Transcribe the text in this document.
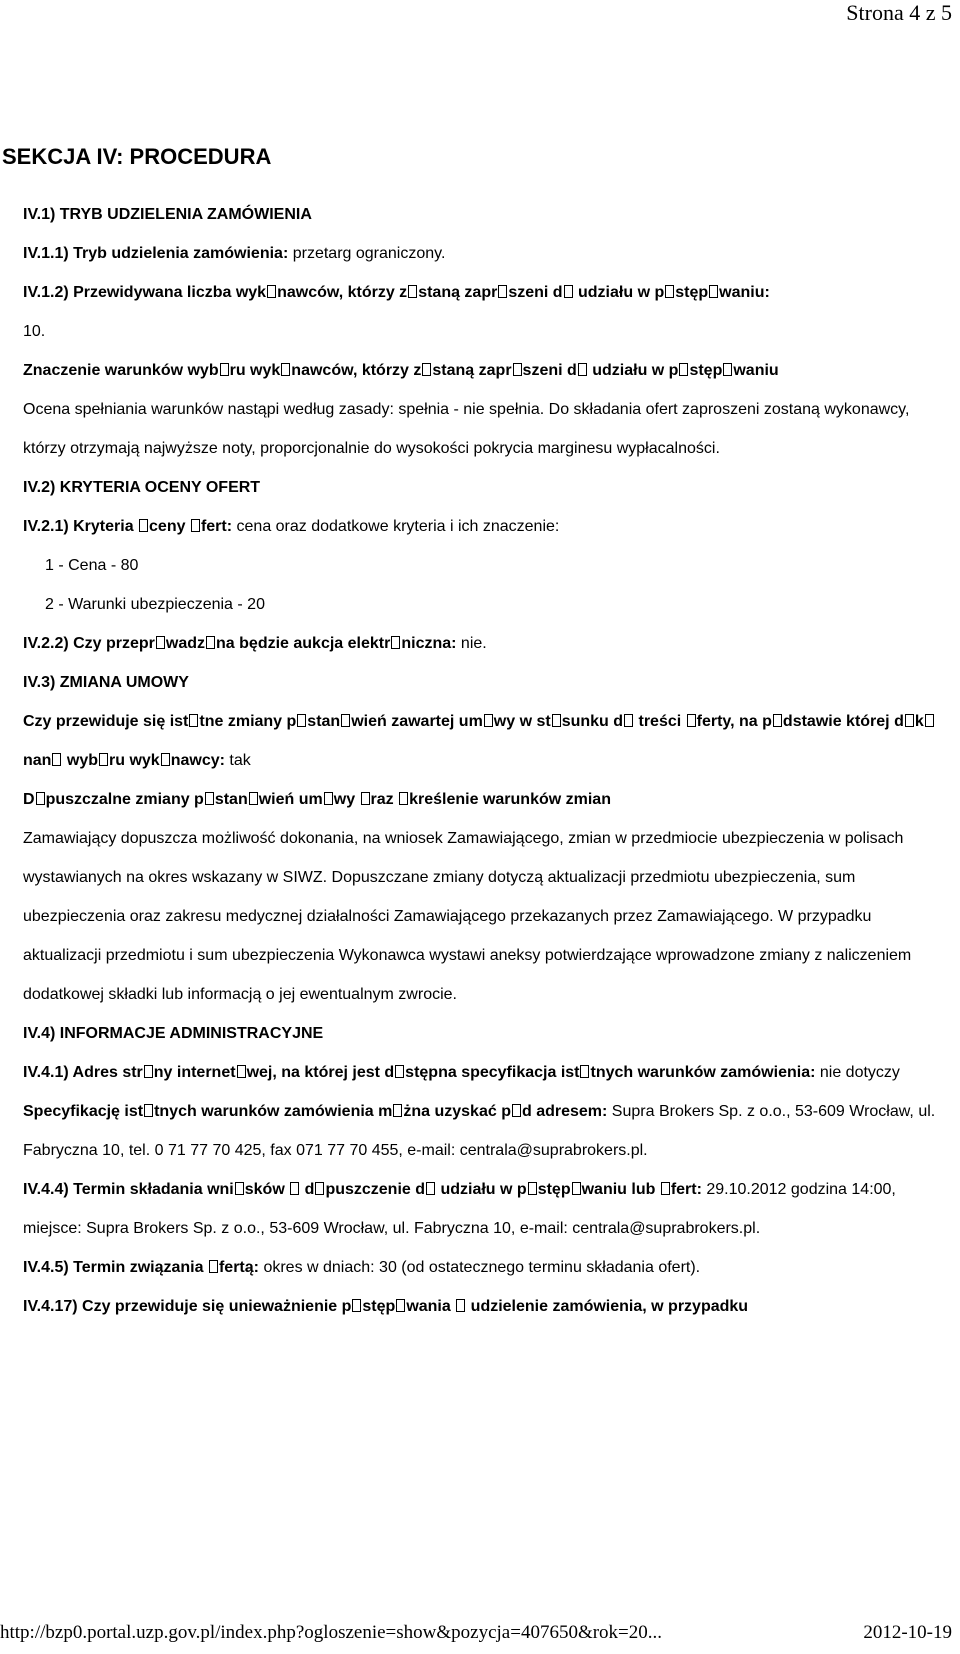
Strona 4 z 5
SEKCJA IV: PROCEDURA

IV.1) TRYB UDZIELENIA ZAMÓWIENIA

IV.1.1) Tryb udzielenia zamówienia: przetarg ograniczony.

IV.1.2) Przewidywana liczba wyk nawców, którzy z staną zapr szeni d udziału w p stęp waniu:

10.

Znaczenie warunków wyb ru wyk nawców, którzy z staną zapr szeni d udziału w p stęp waniu

Ocena spełniania warunków nastąpi według zasady: spełnia - nie spełnia. Do składania ofert zaproszeni zostaną wykonawcy, którzy otrzymają najwyższe noty, proporcjonalnie do wysokości pokrycia marginesu wypłacalności.

IV.2) KRYTERIA OCENY OFERT

IV.2.1) Kryteria ceny fert: cena oraz dodatkowe kryteria i ich znaczenie:

1 - Cena - 80

2 - Warunki ubezpieczenia - 20

IV.2.2) Czy przepr wadz na będzie aukcja elektr niczna: nie.

IV.3) ZMIANA UMOWY

Czy przewiduje się ist tne zmiany p stan wień zawartej um wy w st sunku d treści ferty, na p dstawie której d knan wyb ru wyk nawcy: tak

D puszczalne zmiany p stan wień um wy raz kreślenie warunków zmian

Zamawiający dopuszcza możliwość dokonania, na wniosek Zamawiającego, zmian w przedmiocie ubezpieczenia w polisach wystawianych na okres wskazany w SIWZ. Dopuszczane zmiany dotyczą aktualizacji przedmiotu ubezpieczenia, sum ubezpieczenia oraz zakresu medycznej działalności Zamawiającego przekazanych przez Zamawiającego. W przypadku aktualizacji przedmiotu i sum ubezpieczenia Wykonawca wystawi aneksy potwierdzające wprowadzone zmiany z naliczeniem dodatkowej składki lub informacją o jej ewentualnym zwrocie.

IV.4) INFORMACJE ADMINISTRACYJNE

IV.4.1) Adres str ny internet wej, na której jest d stępna specyfikacja ist tnych warunków zamówienia: nie dotyczy

Specyfikację ist tnych warunków zamówienia m żna uzyskać p d adresem: Supra Brokers Sp. z o.o., 53-609 Wrocław, ul. Fabryczna 10, tel. 0 71 77 70 425, fax 071 77 70 455, e-mail: centrala@suprabrokers.pl.

IV.4.4) Termin składania wni sków  d puszczenie d udziału w p stęp waniu lub fert: 29.10.2012 godzina 14:00, miejsce: Supra Brokers Sp. z o.o., 53-609 Wrocław, ul. Fabryczna 10, e-mail: centrala@suprabrokers.pl.

IV.4.5) Termin związania fertą: okres w dniach: 30 (od ostatecznego terminu składania ofert).

IV.4.17) Czy przewiduje się unieważnienie p stęp wania  udzielenie zamówienia, w przypadku

http://bzp0.portal.uzp.gov.pl/index.php?ogloszenie=show&pozycja=407650&rok=20...	2012-10-19
